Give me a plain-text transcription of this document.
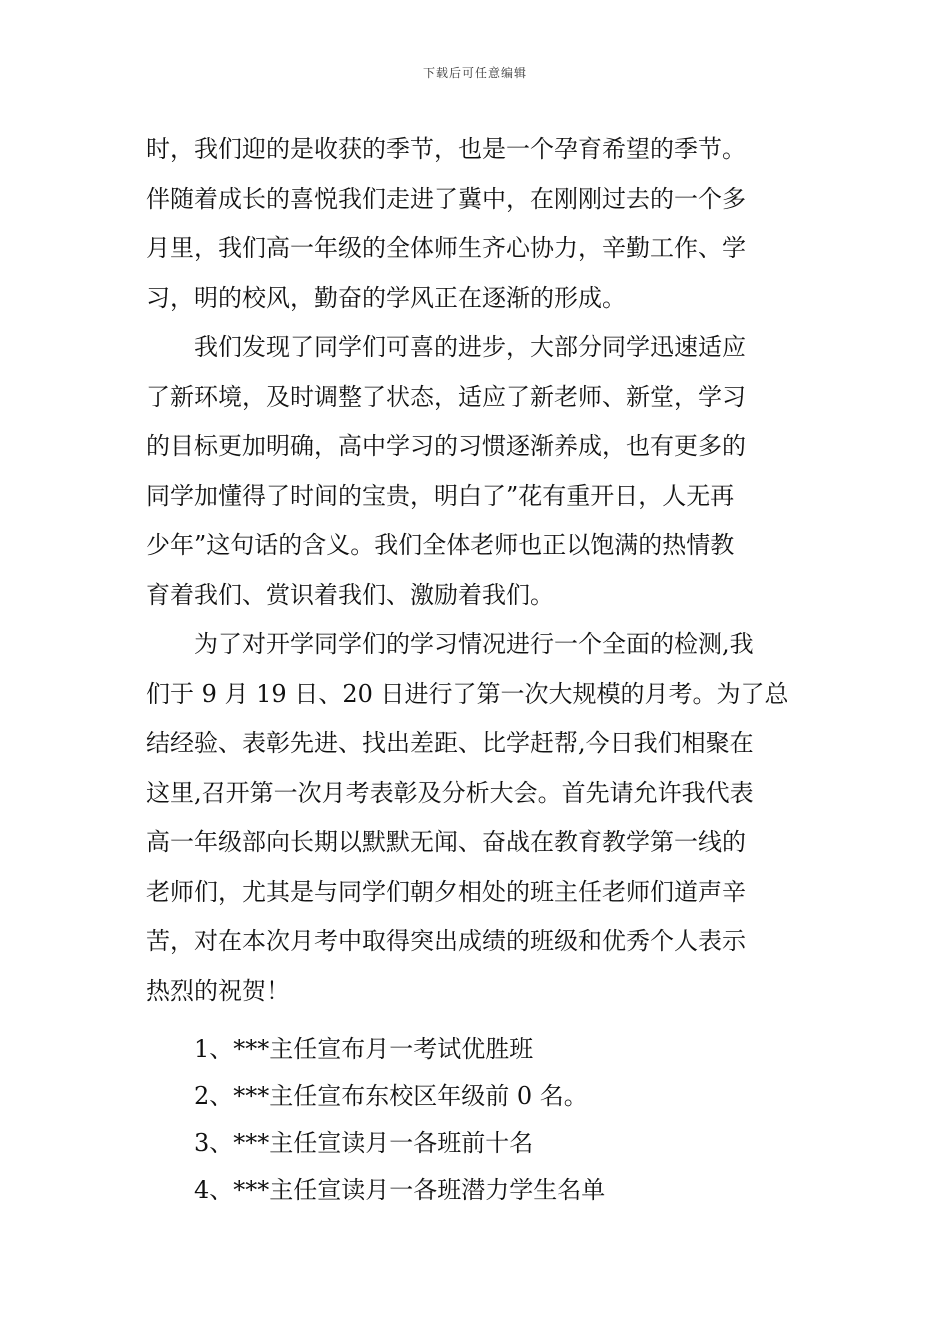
下载后可任意编辑
时，我们迎的是收获的季节，也是一个孕育希望的季节。
伴随着成长的喜悦我们走进了冀中，在刚刚过去的一个多
月里，我们高一年级的全体师生齐心协力，辛勤工作、学
习，明的校风，勤奋的学风正在逐渐的形成。
我们发现了同学们可喜的进步，大部分同学迅速适应
了新环境，及时调整了状态，适应了新老师、新堂，学习
的目标更加明确，高中学习的习惯逐渐养成，也有更多的
同学加懂得了时间的宝贵，明白了”花有重开日，人无再
少年”这句话的含义。我们全体老师也正以饱满的热情教
育着我们、赏识着我们、激励着我们。
为了对开学同学们的学习情况进行一个全面的检测,我
们于 9 月 19 日、20 日进行了第一次大规模的月考。为了总
结经验、表彰先进、找出差距、比学赶帮,今日我们相聚在
这里,召开第一次月考表彰及分析大会。首先请允许我代表
高一年级部向长期以默默无闻、奋战在教育教学第一线的
老师们，尤其是与同学们朝夕相处的班主任老师们道声辛
苦，对在本次月考中取得突出成绩的班级和优秀个人表示
热烈的祝贺！
1、***主任宣布月一考试优胜班
2、***主任宣布东校区年级前 0 名。
3、***主任宣读月一各班前十名
4、***主任宣读月一各班潜力学生名单
